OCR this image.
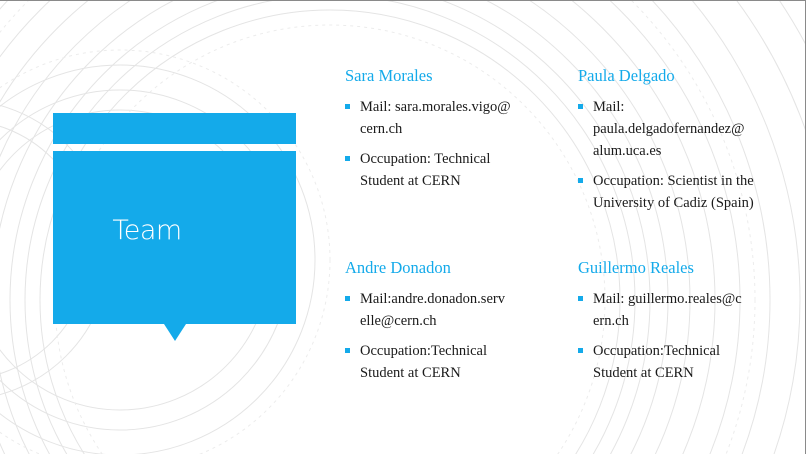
Team
Sara Morales
Mail: sara.morales.vigo@
cern.ch
Occupation: Technical
Student at CERN
Paula Delgado
Mail:
paula.delgadofernandez@
alum.uca.es
Occupation: Scientist in the
University of Cadiz (Spain)
Andre Donadon
Mail:andre.donadon.serv
elle@cern.ch
Occupation:Technical
Student at CERN
Guillermo Reales
Mail: guillermo.reales@c
ern.ch
Occupation:Technical
Student at CERN
